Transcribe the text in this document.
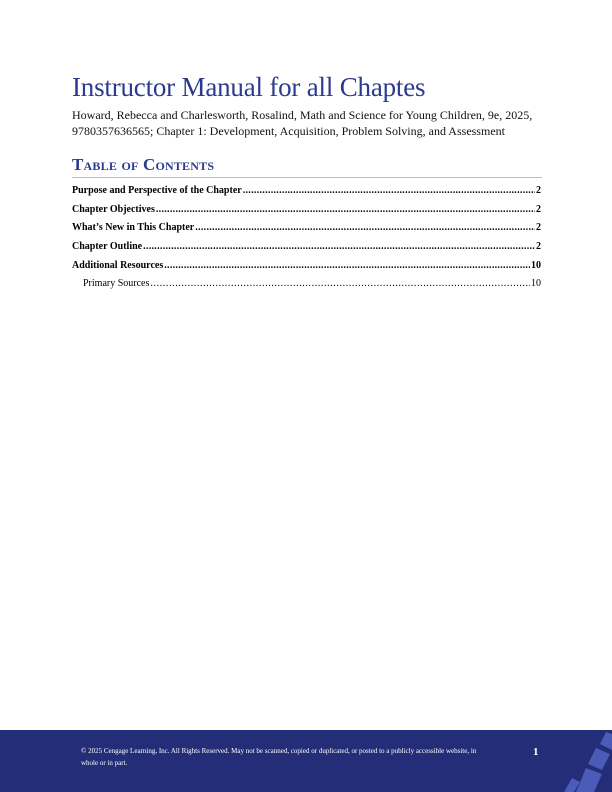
Instructor Manual for all Chaptes

Howard, Rebecca and Charlesworth, Rosalind, Math and Science for Young Children, 9e, 2025, 9780357636565; Chapter 1: Development, Acquisition, Problem Solving, and Assessment

Table of Contents
Purpose and Perspective of the Chapter .....	2
Chapter Objectives .....	2
What’s New in This Chapter .....	2
Chapter Outline .....	2
Additional Resources .....	10
Primary Sources .....	10
© 2025 Cengage Learning, Inc. All Rights Reserved. May not be scanned, copied or duplicated, or posted to a publicly accessible website, in whole or in part.
1
